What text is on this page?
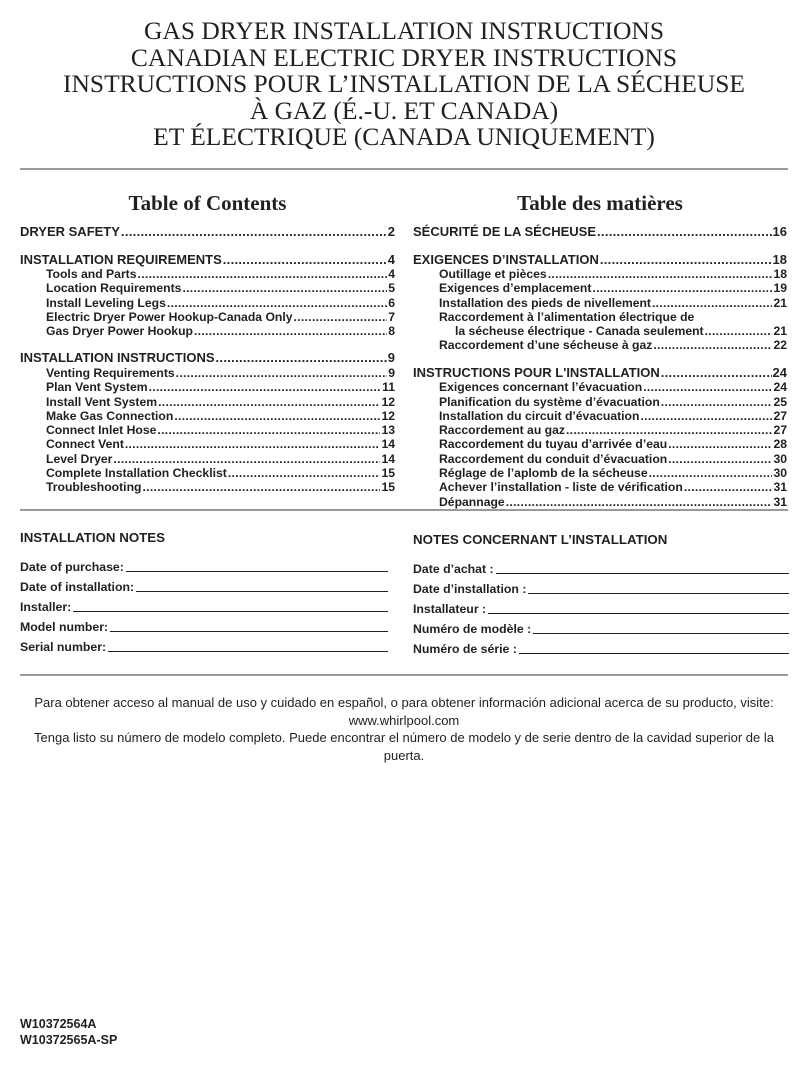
GAS DRYER INSTALLATION INSTRUCTIONS
CANADIAN ELECTRIC DRYER INSTRUCTIONS
INSTRUCTIONS POUR L’INSTALLATION DE LA SÉCHEUSE
À GAZ (É.-U. ET CANADA)
ET ÉLECTRIQUE (CANADA UNIQUEMENT)
Table of Contents
DRYER SAFETY .....	2
INSTALLATION REQUIREMENTS .....	4
Tools and Parts .....	4
Location Requirements .....	5
Install Leveling Legs .....	6
Electric Dryer Power Hookup-Canada Only .....	7
Gas Dryer Power Hookup .....	8
INSTALLATION INSTRUCTIONS .....	9
Venting Requirements .....	9
Plan Vent System .....	11
Install Vent System .....	12
Make Gas Connection .....	12
Connect Inlet Hose .....	13
Connect Vent .....	14
Level Dryer .....	14
Complete Installation Checklist .....	15
Troubleshooting .....	15
Table des matières
SÉCURITÉ DE LA SÉCHEUSE .....	16
EXIGENCES D’INSTALLATION .....	18
Outillage et pièces .....	18
Exigences d’emplacement .....	19
Installation des pieds de nivellement .....	21
Raccordement à l’alimentation électrique de
la sécheuse électrique - Canada seulement .....	21
Raccordement d’une sécheuse à gaz .....	22
INSTRUCTIONS POUR L'INSTALLATION .....	24
Exigences concernant l’évacuation .....	24
Planification du système d’évacuation .....	25
Installation du circuit d’évacuation .....	27
Raccordement au gaz .....	27
Raccordement du tuyau d’arrivée d’eau .....	28
Raccordement du conduit d’évacuation .....	30
Réglage de l’aplomb de la sécheuse .....	30
Achever l’installation - liste de vérification .....	31
Dépannage .....	31
INSTALLATION NOTES
Date of purchase:
Date of installation:
Installer:
Model number:
Serial number:
NOTES CONCERNANT L’INSTALLATION
Date d’achat :
Date d’installation :
Installateur :
Numéro de modèle :
Numéro de série :

Para obtener acceso al manual de uso y cuidado en español, o para obtener información adicional acerca de su producto, visite: www.whirlpool.com

Tenga listo su número de modelo completo. Puede encontrar el número de modelo y de serie dentro de la cavidad superior de la puerta.

W10372564A
W10372565A-SP
